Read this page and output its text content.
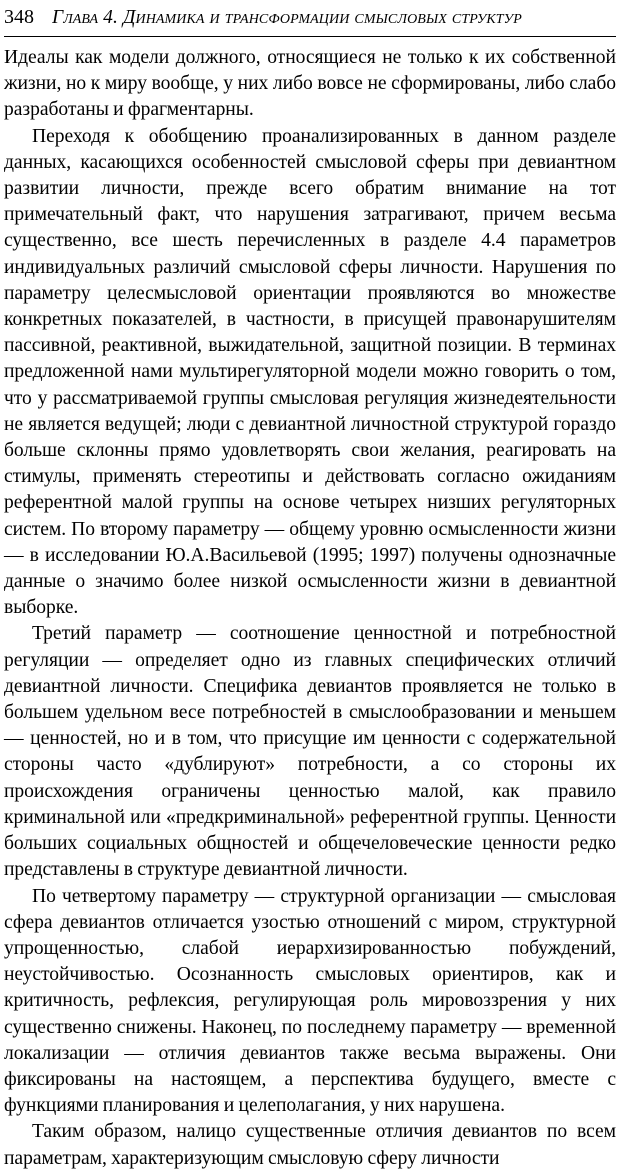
348 Глава 4. Динамика и трансформации смысловых структур

Идеалы как модели должного, относящиеся не только к их собственной жизни, но к миру вообще, у них либо вовсе не сформированы, либо слабо разработаны и фрагментарны.

Переходя к обобщению проанализированных в данном разделе данных, касающихся особенностей смысловой сферы при девиантном развитии личности, прежде всего обратим внимание на тот примечательный факт, что нарушения затрагивают, причем весьма существенно, все шесть перечисленных в разделе 4.4 параметров индивидуальных различий смысловой сферы личности. Нарушения по параметру целесмысловой ориентации проявляются во множестве конкретных показателей, в частности, в присущей правонарушителям пассивной, реактивной, выжидательной, защитной позиции. В терминах предложенной нами мультирегуляторной модели можно говорить о том, что у рассматриваемой группы смысловая регуляция жизнедеятельности не является ведущей; люди с девиантной личностной структурой гораздо больше склонны прямо удовлетворять свои желания, реагировать на стимулы, применять стереотипы и действовать согласно ожиданиям референтной малой группы на основе четырех низших регуляторных систем. По второму параметру — общему уровню осмысленности жизни — в исследовании Ю.А.Васильевой (1995; 1997) получены однозначные данные о значимо более низкой осмысленности жизни в девиантной выборке.

Третий параметр — соотношение ценностной и потребностной регуляции — определяет одно из главных специфических отличий девиантной личности. Специфика девиантов проявляется не только в большем удельном весе потребностей в смыслообразовании и меньшем — ценностей, но и в том, что присущие им ценности с содержательной стороны часто «дублируют» потребности, а со стороны их происхождения ограничены ценностью малой, как правило криминальной или «предкриминальной» референтной группы. Ценности больших социальных общностей и общечеловеческие ценности редко представлены в структуре девиантной личности.

По четвертому параметру — структурной организации — смысловая сфера девиантов отличается узостью отношений с миром, структурной упрощенностью, слабой иерархизированностью побуждений, неустойчивостью. Осознанность смысловых ориентиров, как и критичность, рефлексия, регулирующая роль мировоззрения у них существенно снижены. Наконец, по последнему параметру — временной локализации — отличия девиантов также весьма выражены. Они фиксированы на настоящем, а перспектива будущего, вместе с функциями планирования и целеполагания, у них нарушена.

Таким образом, налицо существенные отличия девиантов по всем параметрам, характеризующим смысловую сферу личности
